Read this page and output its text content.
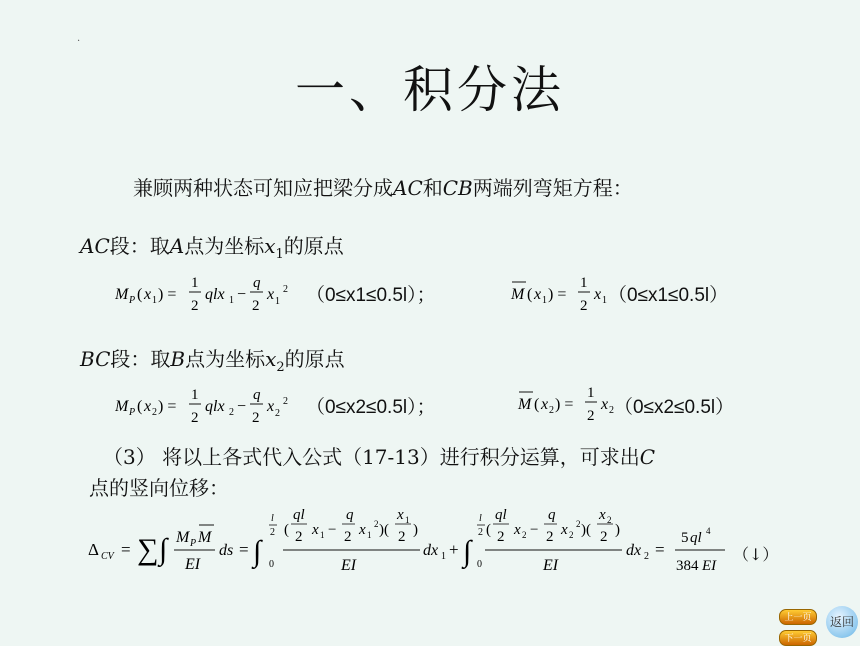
.
一、积分法
兼顾两种状态可知应把梁分成AC和CB两端列弯矩方程：
AC段：取A点为坐标$x_1$的原点
M P ( x 1 ) =
1
2
qlx 1 −
q
2
x 1
2 （0≤x1≤0.5l）；	M ( x 1 ) =
1
2
x 1 （0≤x1≤0.5l）
BC段：取B点为坐标$x_2$的原点
M P ( x 2 ) =
1
2
qlx 2 −
q
2
x 2
2 （0≤x2≤0.5l）；	M ( x 2 ) =
1
2
x 2 （0≤x2≤0.5l）
（3） 将以上各式代入公式（17-13）进行积分运算，可求出C
点的竖向位移：
Δ CV = ∑ ∫ M P M
EI
ds = ∫
l
2
0
(
ql
2 x 1 −
q
2 x 1
2 )(
x 1
2 )
EI
dx 1 + ∫
l
2
0
(
ql
2 x 2 −
q
2 x 2
2 )(
x 2
2 )
EI
dx 2 =
5 ql 4
384 EI
（↓）
上一页
下一页
返回
